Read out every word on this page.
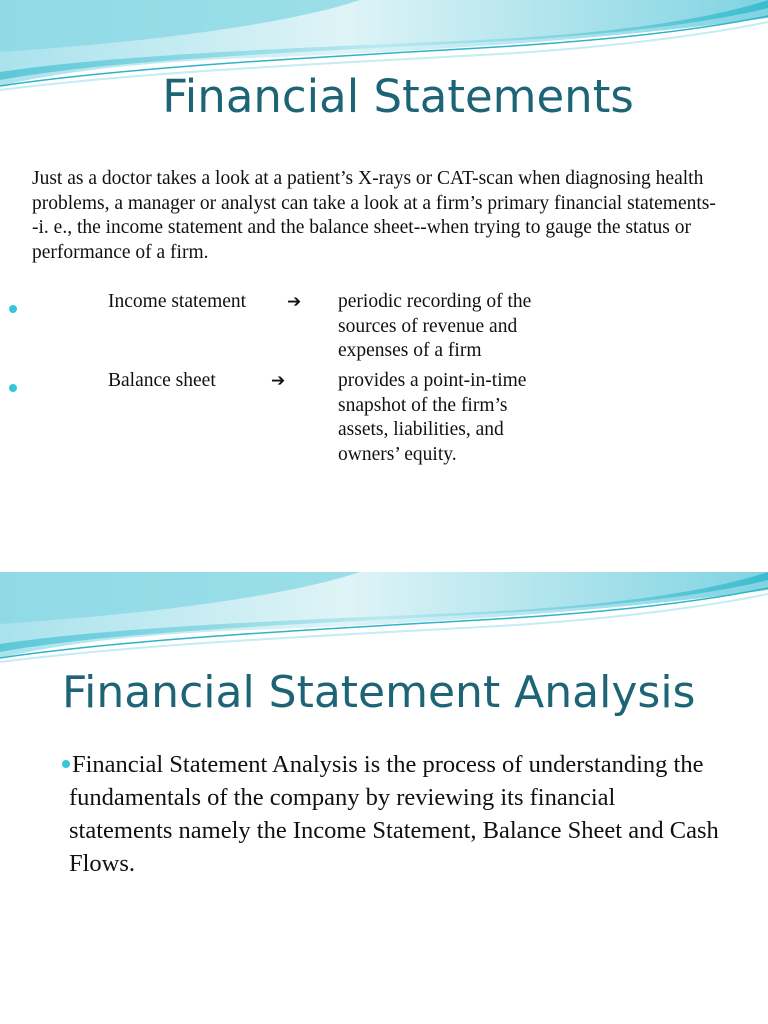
Financial Statements

Just as a doctor takes a look at a patient’s X-rays or CAT-scan when diagnosing health problems, a manager or analyst can take a look at a firm’s primary financial statements--i. e., the income statement and the balance sheet--when trying to gauge the status or performance of a firm.

Income statement ➔ periodic recording of the
sources of revenue and
expenses of a firm
Balance sheet	➔	provides a point-in-time
snapshot of the firm’s
assets, liabilities, and
owners’ equity.
Financial Statement Analysis
Financial Statement Analysis is the process of understanding the fundamentals of the company by reviewing its financial statements namely the Income Statement, Balance Sheet and Cash Flows.
